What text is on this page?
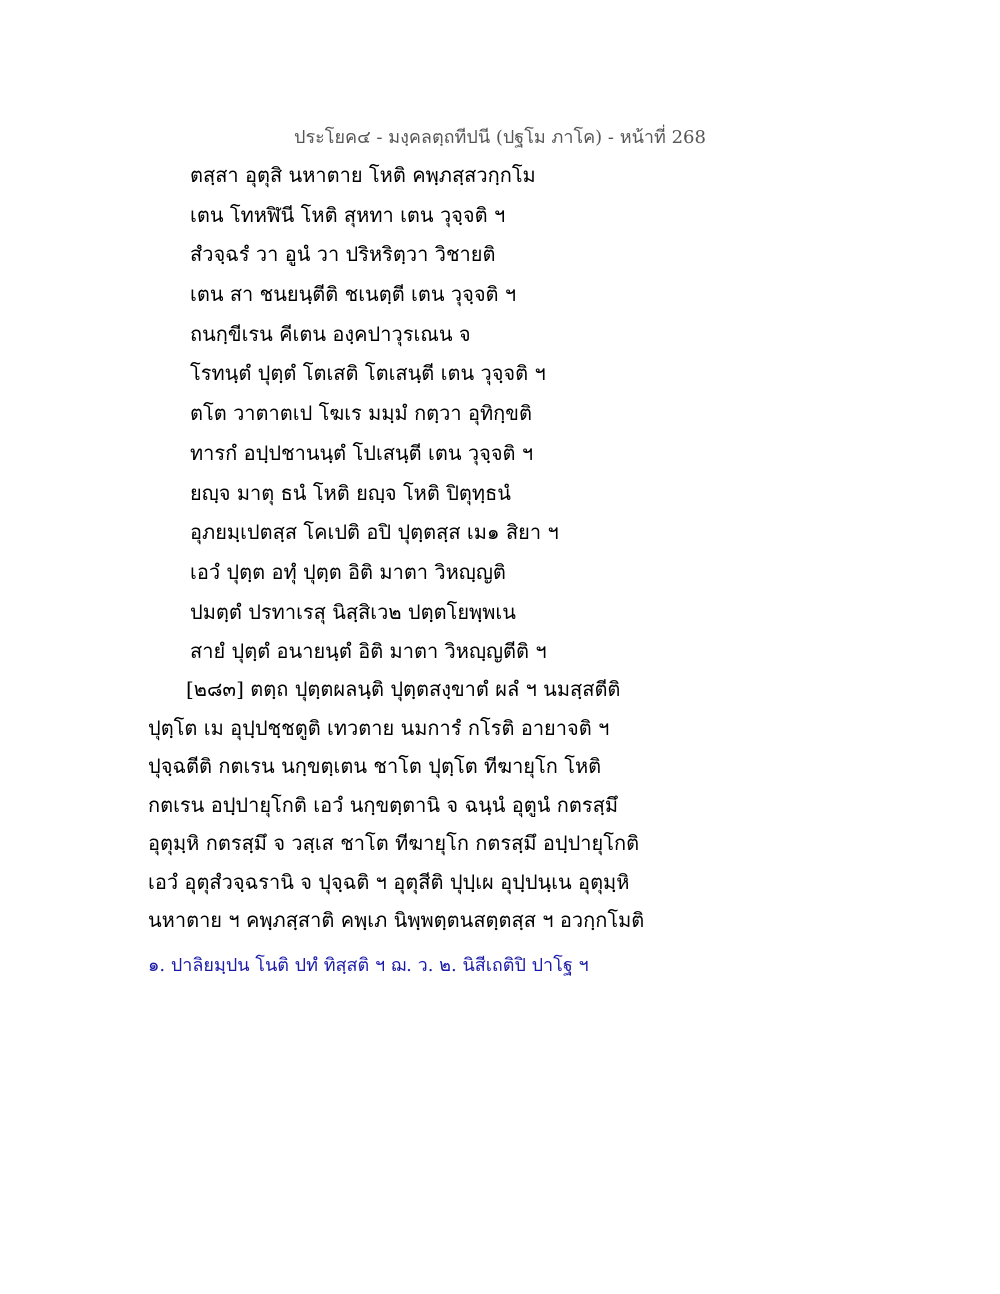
ประโยค๔ - มงฺคลตฺถทีปนี (ปฐโม ภาโค) - หน้าที่ 268
ตสฺสา อุตุสิ นหาตาย โหติ คพฺภสฺสวกฺกโม
เตน โทหฬินี โหติ สุหทา เตน วุจฺจติ ฯ
สํวจฺฉรํ วา อูนํ วา ปริหริตฺวา วิชายติ
เตน สา ชนยนฺตีติ ชเนตฺตี เตน วุจฺจติ ฯ
ถนกฺขีเรน คีเตน องฺคปาวุรเณน จ
โรทนฺตํ ปุตฺตํ โตเสติ โตเสนฺตี เตน วุจฺจติ ฯ
ตโต วาตาตเป โฆเร มมฺมํ กตฺวา อุทิกฺขติ
ทารกํ อปฺปชานนฺตํ โปเสนฺตี เตน วุจฺจติ ฯ
ยญฺจ มาตุ ธนํ โหติ ยญฺจ โหติ ปิตุทฺธนํ
อุภยมฺเปตสฺส โคเปติ อปิ ปุตฺตสฺส เม๑ สิยา ฯ
เอวํ ปุตฺต อทุํ ปุตฺต อิติ มาตา วิหญฺญติ
ปมตฺตํ ปรทาเรสุ นิสฺสิเว๒ ปตฺตโยพฺพเน
สายํ ปุตฺตํ อนายนฺตํ อิติ มาตา วิหญฺญตีติ ฯ
[๒๘๓] ตตฺถ ปุตฺตผลนฺติ ปุตฺตสงฺขาตํ ผลํ ฯ นมสฺสตีติ
ปุตฺโต เม อุปฺปชฺชตูติ เทวตาย นมการํ กโรติ อายาจติ ฯ
ปุจฺฉตีติ กตเรน นกฺขตฺเตน ชาโต ปุตฺโต ทีฆายุโก โหติ
กตเรน อปฺปายุโกติ เอวํ นกฺขตฺตานิ จ ฉนฺนํ อุตูนํ กตรสฺมึ
อุตุมฺหิ กตรสฺมึ จ วสฺเส ชาโต ทีฆายุโก กตรสฺมึ อปฺปายุโกติ
เอวํ อุตุสํวจฺฉรานิ จ ปุจฺฉติ ฯ อุตุสีติ ปุปฺเผ อุปฺปนฺเน อุตุมฺหิ
นหาตาย ฯ คพฺภสฺสาติ คพฺเภ นิพฺพตฺตนสตฺตสฺส ฯ อวกฺกโมติ
๑. ปาลิยมฺปน โนติ ปทํ ทิสฺสติ ฯ ฌ. ว. ๒. นิสีเถติปิ ปาโฐ ฯ
